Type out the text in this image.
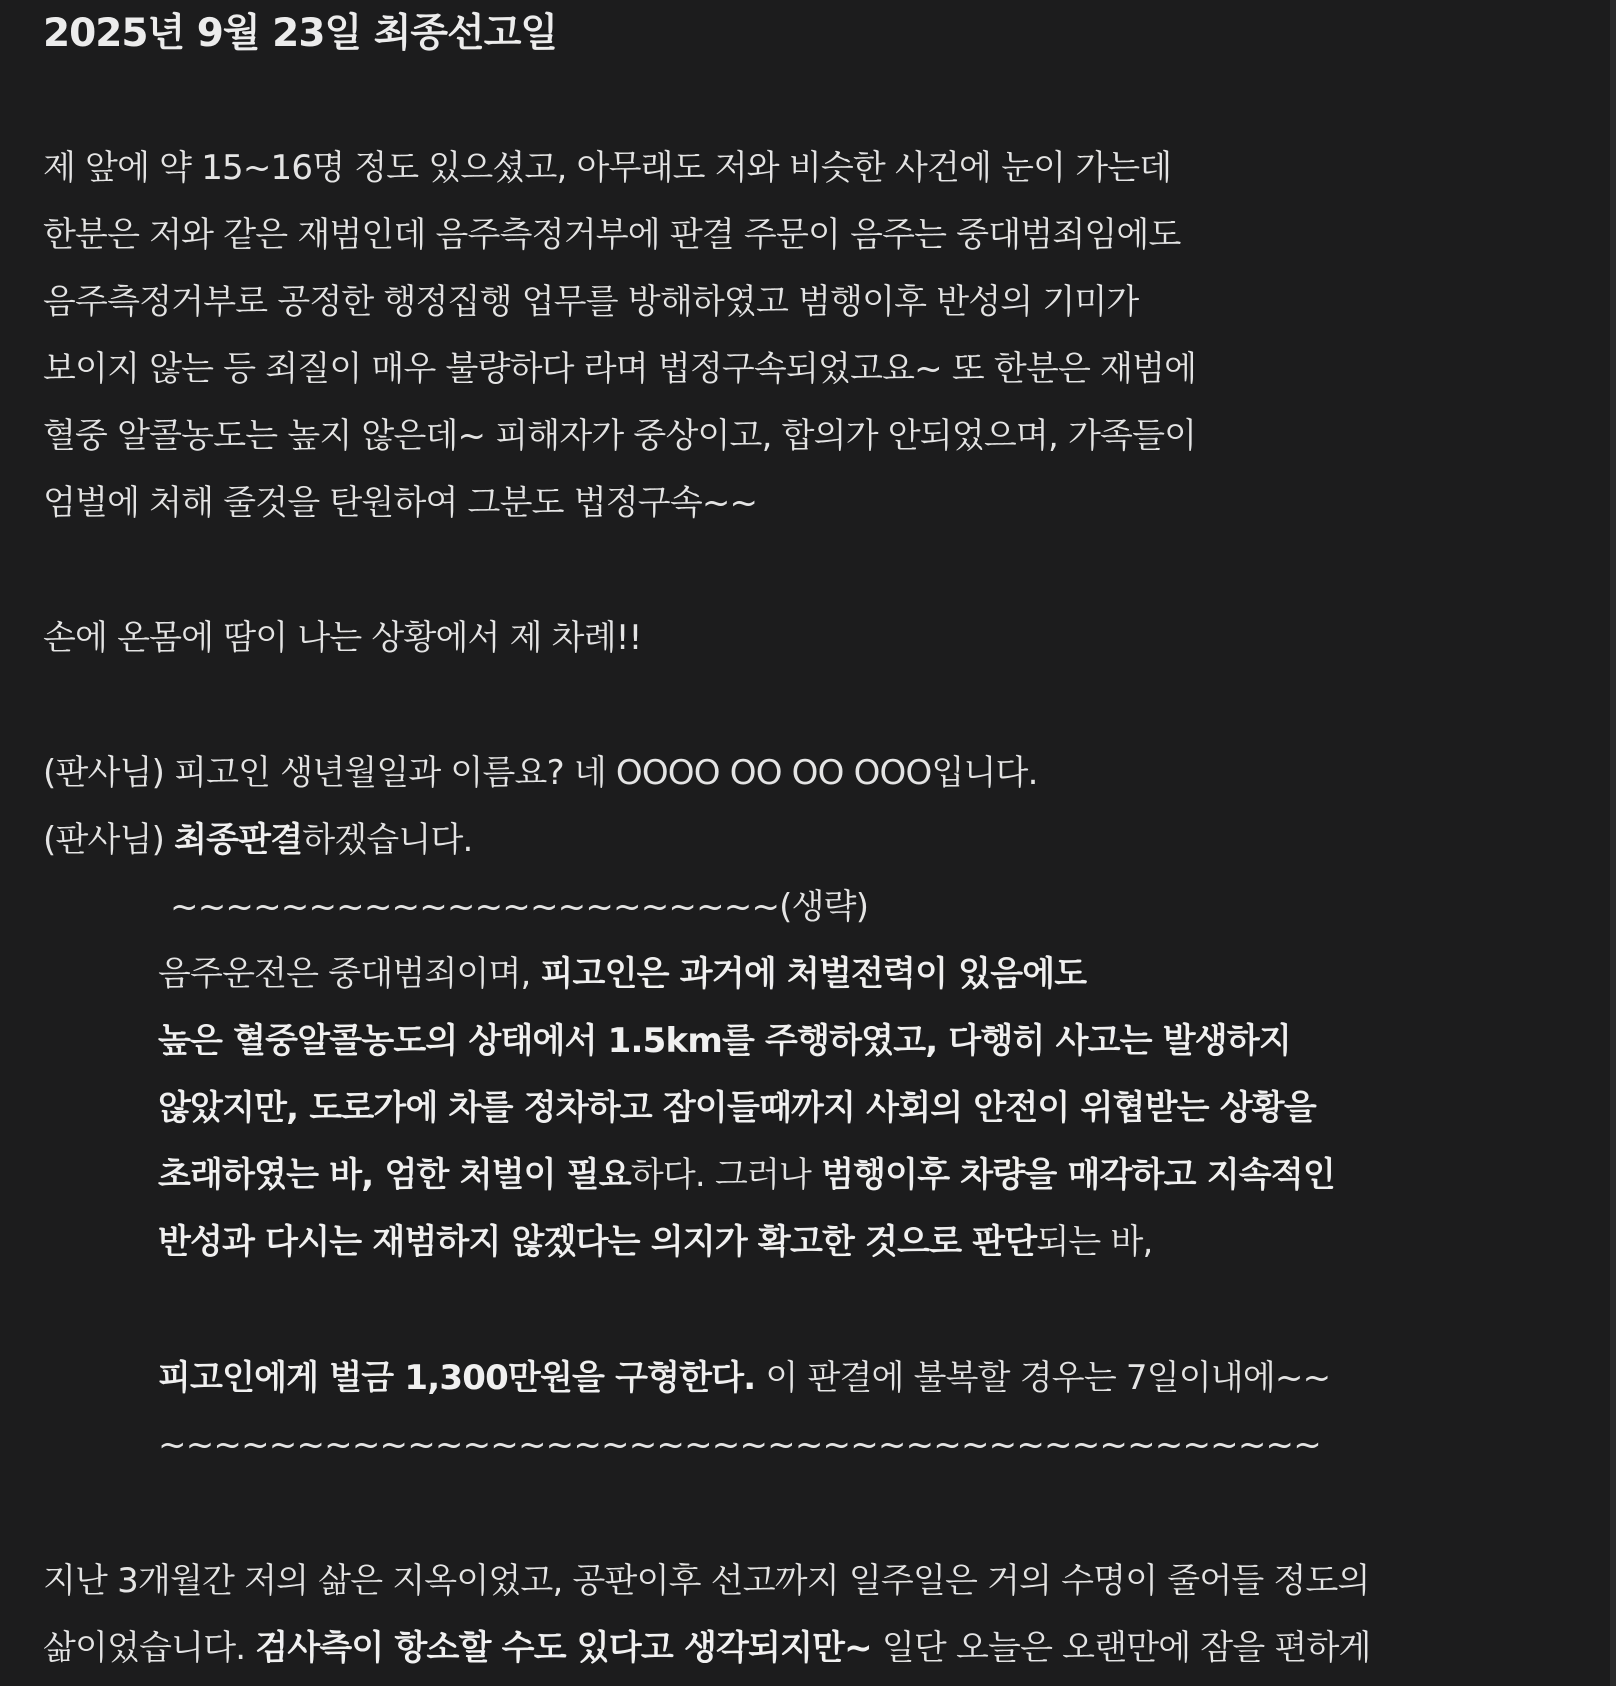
2025년 9월 23일 최종선고일
제 앞에 약 15~16명 정도 있으셨고, 아무래도 저와 비슷한 사건에 눈이 가는데
한분은 저와 같은 재범인데 음주측정거부에 판결 주문이 음주는 중대범죄임에도
음주측정거부로 공정한 행정집행 업무를 방해하였고 범행이후 반성의 기미가
보이지 않는 등 죄질이 매우 불량하다 라며 법정구속되었고요~ 또 한분은 재범에
혈중 알콜농도는 높지 않은데~ 피해자가 중상이고, 합의가 안되었으며, 가족들이
엄벌에 처해 줄것을 탄원하여 그분도 법정구속~~
손에 온몸에 땀이 나는 상황에서 제 차례!!
(판사님) 피고인 생년월일과 이름요? 네 OOOO OO OO OOO입니다.
(판사님) 최종판결하겠습니다.
~~~~~~~~~~~~~~~~~~~~~~(생략)
음주운전은 중대범죄이며, 피고인은 과거에 처벌전력이 있음에도
높은 혈중알콜농도의 상태에서 1.5km를 주행하였고, 다행히 사고는 발생하지
않았지만, 도로가에 차를 정차하고 잠이들때까지 사회의 안전이 위협받는 상황을
초래하였는 바, 엄한 처벌이 필요하다. 그러나 범행이후 차량을 매각하고 지속적인
반성과 다시는 재범하지 않겠다는 의지가 확고한 것으로 판단되는 바,
피고인에게 벌금 1,300만원을 구형한다. 이 판결에 불복할 경우는 7일이내에~~
~~~~~~~~~~~~~~~~~~~~~~~~~~~~~~~~~~~~~~~~~~
지난 3개월간 저의 삶은 지옥이었고, 공판이후 선고까지 일주일은 거의 수명이 줄어들 정도의
삶이었습니다. 검사측이 항소할 수도 있다고 생각되지만~ 일단 오늘은 오랜만에 잠을 편하게
